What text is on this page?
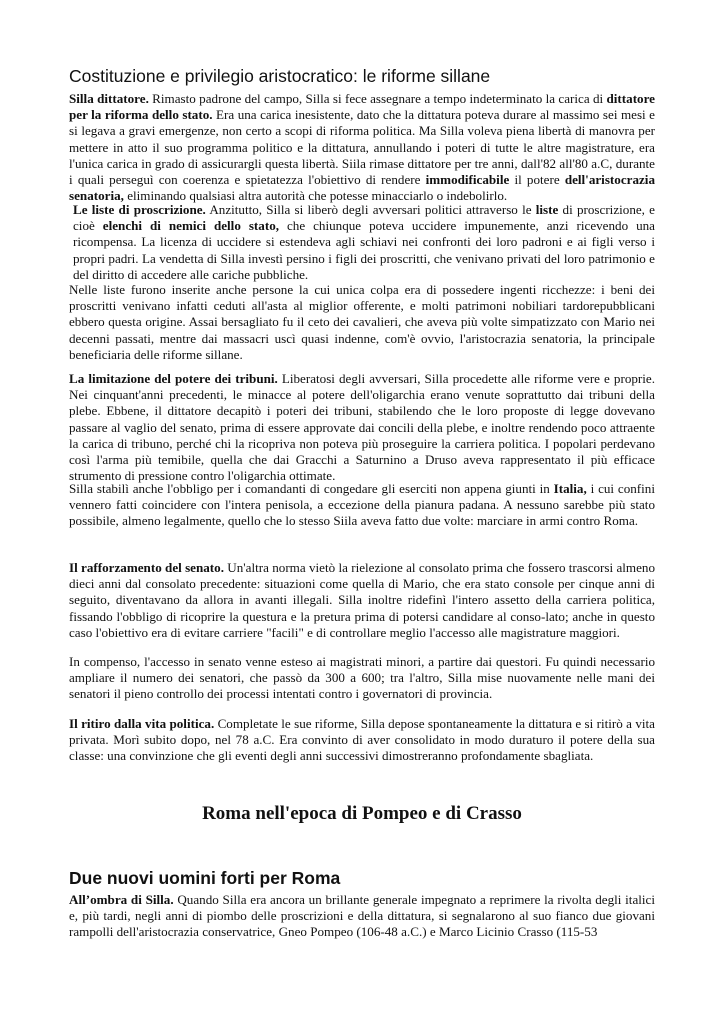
Costituzione e privilegio aristocratico: le riforme sillane

Silla dittatore. Rimasto padrone del campo, Silla si fece assegnare a tempo indeterminato la carica di dittatore per la riforma dello stato. Era una carica inesistente, dato che la dittatura poteva durare al massimo sei mesi e si legava a gravi emergenze, non certo a scopi di riforma politica. Ma Silla voleva piena libertà di manovra per mettere in atto il suo programma politico e la dittatura, annullando i poteri di tutte le altre magistrature, era l'unica carica in grado di assicurargli questa libertà. Siila rimase dittatore per tre anni, dall'82 all'80 a.C, durante i quali perseguì con coerenza e spietatezza l'obiettivo di rendere immodificabile il potere dell'aristocrazia senatoria, eliminando qualsiasi altra autorità che potesse minacciarlo o indebolirlo.

Le liste di proscrizione. Anzitutto, Silla si liberò degli avversari politici attraverso le liste di proscrizione, e cioè elenchi di nemici dello stato, che chiunque poteva uccidere impunemente, anzi ricevendo una ricompensa. La licenza di uccidere si estendeva agli schiavi nei confronti dei loro padroni e ai figli verso i propri padri. La vendetta di Silla investì persino i figli dei proscritti, che venivano privati del loro patrimonio e del diritto di accedere alle cariche pubbliche.

Nelle liste furono inserite anche persone la cui unica colpa era di possedere ingenti ricchezze: i beni dei proscritti venivano infatti ceduti all'asta al miglior offerente, e molti patrimoni nobiliari tardorepubblicani ebbero questa origine. Assai bersagliato fu il ceto dei cavalieri, che aveva più volte simpatizzato con Mario nei decenni passati, mentre dai massacri uscì quasi indenne, com'è ovvio, l'aristocrazia senatoria, la principale beneficiaria delle riforme sillane.

La limitazione del potere dei tribuni. Liberatosi degli avversari, Silla procedette alle riforme vere e proprie. Nei cinquant'anni precedenti, le minacce al potere dell'oligarchia erano venute soprattutto dai tribuni della plebe. Ebbene, il dittatore decapitò i poteri dei tribuni, stabilendo che le loro proposte di legge dovevano passare al vaglio del senato, prima di essere approvate dai concili della plebe, e inoltre rendendo poco attraente la carica di tribuno, perché chi la ricopriva non poteva più proseguire la carriera politica. I popolari perdevano così l'arma più temibile, quella che dai Gracchi a Saturnino a Druso aveva rappresentato il più efficace strumento di pressione contro l'oligarchia ottimate.

Silla stabilì anche l'obbligo per i comandanti di congedare gli eserciti non appena giunti in Italia, i cui confini vennero fatti coincidere con l'intera penisola, a eccezione della pianura padana. A nessuno sarebbe più stato possibile, almeno legalmente, quello che lo stesso Siila aveva fatto due volte: marciare in armi contro Roma.

Il rafforzamento del senato. Un'altra norma vietò la rielezione al consolato prima che fossero trascorsi almeno dieci anni dal consolato precedente: situazioni come quella di Mario, che era stato console per cinque anni di seguito, diventavano da allora in avanti illegali. Silla inoltre ridefinì l'intero assetto della carriera politica, fissando l'obbligo di ricoprire la questura e la pretura prima di potersi candidare al conso-lato; anche in questo caso l'obiettivo era di evitare carriere "facili" e di controllare meglio l'accesso alle magistrature maggiori.

In compenso, l'accesso in senato venne esteso ai magistrati minori, a partire dai questori. Fu quindi necessario ampliare il numero dei senatori, che passò da 300 a 600; tra l'altro, Silla mise nuovamente nelle mani dei senatori il pieno controllo dei processi intentati contro i governatori di provincia.

Il ritiro dalla vita politica. Completate le sue riforme, Silla depose spontaneamente la dittatura e si ritirò a vita privata. Morì subito dopo, nel 78 a.C. Era convinto di aver consolidato in modo duraturo il potere della sua classe: una convinzione che gli eventi degli anni successivi dimostreranno profondamente sbagliata.

Roma nell'epoca di Pompeo e di Crasso
Due nuovi uomini forti per Roma

All’ombra di Silla. Quando Silla era ancora un brillante generale impegnato a reprimere la rivolta degli italici e, più tardi, negli anni di piombo delle proscrizioni e della dittatura, si segnalarono al suo fianco due giovani rampolli dell'aristocrazia conservatrice, Gneo Pompeo (106-48 a.C.) e Marco Licinio Crasso (115-53
